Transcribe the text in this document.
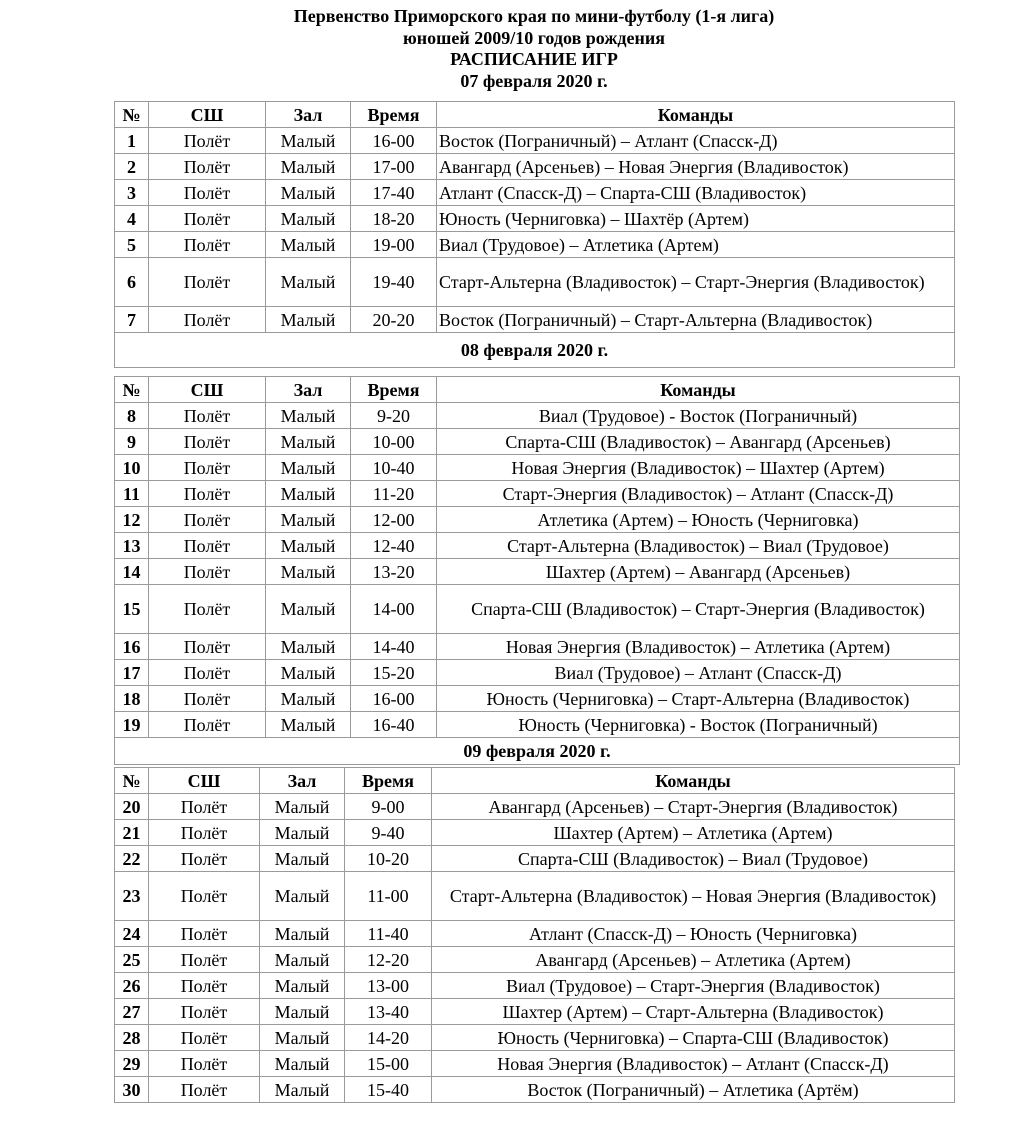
Первенство Приморского края по мини-футболу (1-я лига)
юношей 2009/10 годов рождения
РАСПИСАНИЕ ИГР
07 февраля 2020 г.
№	СШ	Зал	Время	Команды
1	Полёт	Малый	16-00	Восток (Пограничный) – Атлант (Спасск-Д)
2	Полёт	Малый	17-00	Авангард (Арсеньев) – Новая Энергия (Владивосток)
3	Полёт	Малый	17-40	Атлант (Спасск-Д) – Спарта-СШ (Владивосток)
4	Полёт	Малый	18-20	Юность (Черниговка) – Шахтёр (Артем)
5	Полёт	Малый	19-00	Виал (Трудовое) – Атлетика (Артем)
6	Полёт	Малый	19-40	Старт-Альтерна (Владивосток) – Старт-Энергия (Владивосток)
7	Полёт	Малый	20-20	Восток (Пограничный) – Старт-Альтерна (Владивосток)
08 февраля 2020 г.				
№	СШ	Зал	Время	Команды
8	Полёт	Малый	9-20	Виал (Трудовое) - Восток (Пограничный)
9	Полёт	Малый	10-00	Спарта-СШ (Владивосток) – Авангард (Арсеньев)
10	Полёт	Малый	10-40	Новая Энергия (Владивосток) – Шахтер (Артем)
11	Полёт	Малый	11-20	Старт-Энергия (Владивосток) – Атлант (Спасск-Д)
12	Полёт	Малый	12-00	Атлетика (Артем) – Юность (Черниговка)
13	Полёт	Малый	12-40	Старт-Альтерна (Владивосток) – Виал (Трудовое)
14	Полёт	Малый	13-20	Шахтер (Артем) – Авангард (Арсеньев)
15	Полёт	Малый	14-00	Спарта-СШ (Владивосток) – Старт-Энергия (Владивосток)
16	Полёт	Малый	14-40	Новая Энергия (Владивосток) – Атлетика (Артем)
17	Полёт	Малый	15-20	Виал (Трудовое) – Атлант (Спасск-Д)
18	Полёт	Малый	16-00	Юность (Черниговка) – Старт-Альтерна (Владивосток)
19	Полёт	Малый	16-40	Юность (Черниговка) - Восток (Пограничный)
09 февраля 2020 г.				
№	СШ	Зал	Время	Команды
20	Полёт	Малый	9-00	Авангард (Арсеньев) – Старт-Энергия (Владивосток)
21	Полёт	Малый	9-40	Шахтер (Артем) – Атлетика (Артем)
22	Полёт	Малый	10-20	Спарта-СШ (Владивосток) – Виал (Трудовое)
23	Полёт	Малый	11-00	Старт-Альтерна (Владивосток) – Новая Энергия (Владивосток)
24	Полёт	Малый	11-40	Атлант (Спасск-Д) – Юность (Черниговка)
25	Полёт	Малый	12-20	Авангард (Арсеньев) – Атлетика (Артем)
26	Полёт	Малый	13-00	Виал (Трудовое) – Старт-Энергия (Владивосток)
27	Полёт	Малый	13-40	Шахтер (Артем) – Старт-Альтерна (Владивосток)
28	Полёт	Малый	14-20	Юность (Черниговка) – Спарта-СШ (Владивосток)
29	Полёт	Малый	15-00	Новая Энергия (Владивосток) – Атлант (Спасск-Д)
30	Полёт	Малый	15-40	Восток (Пограничный) – Атлетика (Артём)
